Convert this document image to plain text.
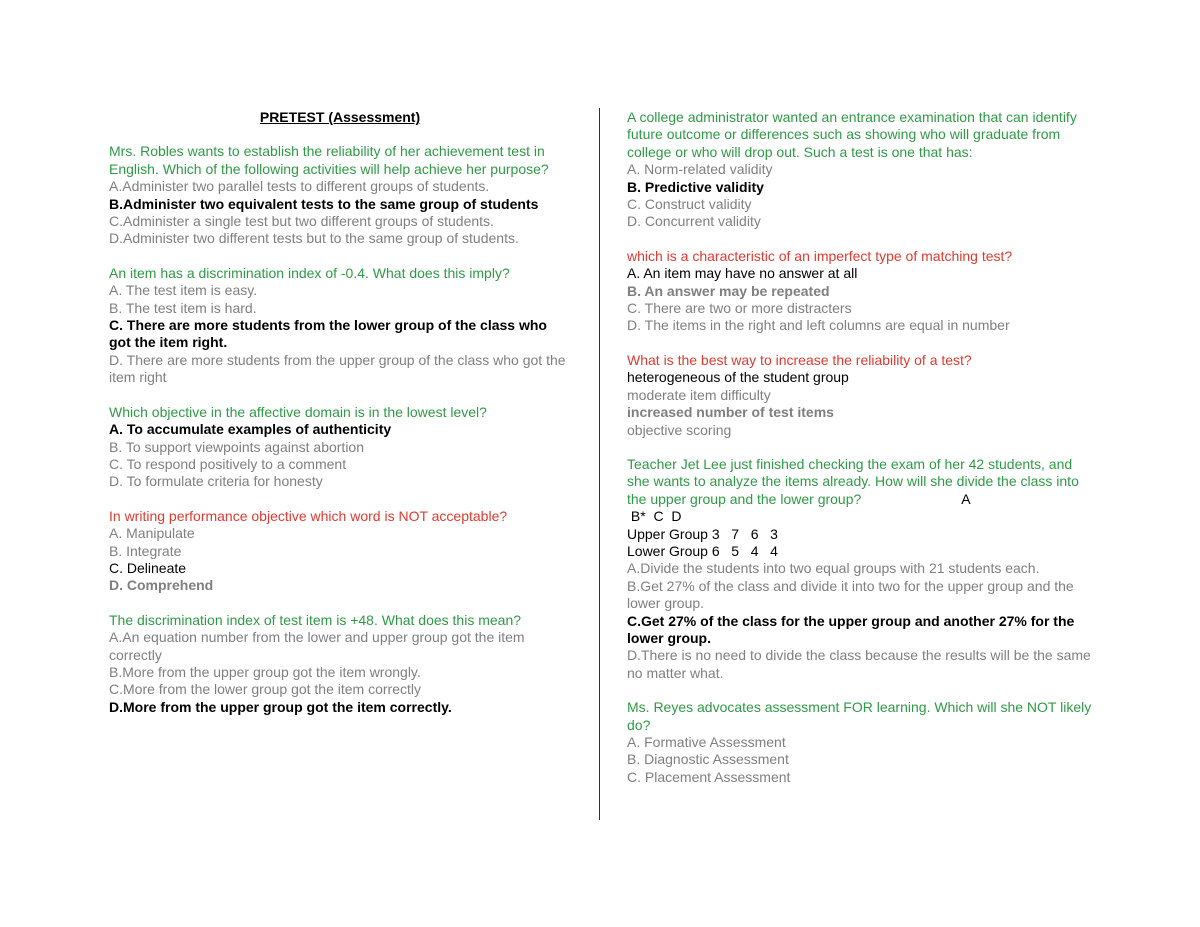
PRETEST (Assessment)
Mrs. Robles wants to establish the reliability of her achievement test in English. Which of the following activities will help achieve her purpose?
A.Administer two parallel tests to different groups of students.
B.Administer two equivalent tests to the same group of students
C.Administer a single test but two different groups of students.
D.Administer two different tests but to the same group of students.
An item has a discrimination index of -0.4. What does this imply?
A. The test item is easy.
B. The test item is hard.
C. There are more students from the lower group of the class who got the item right.
D. There are more students from the upper group of the class who got the item right
Which objective in the affective domain is in the lowest level?
A. To accumulate examples of authenticity
B. To support viewpoints against abortion
C. To respond positively to a comment
D. To formulate criteria for honesty
In writing performance objective which word is NOT acceptable?
A. Manipulate
B. Integrate
C. Delineate
D. Comprehend
The discrimination index of test item is +48. What does this mean?
A.An equation number from the lower and upper group got the item correctly
B.More from the upper group got the item wrongly.
C.More from the lower group got the item correctly
D.More from the upper group got the item correctly.
A college administrator wanted an entrance examination that can identify future outcome or differences such as showing who will graduate from college or who will drop out. Such a test is one that has:
A. Norm-related validity
B. Predictive validity
C. Construct validity
D. Concurrent validity
which is a characteristic of an imperfect type of matching test?
A. An item may have no answer at all
B. An answer may be repeated
C. There are two or more distracters
D. The items in the right and left columns are equal in number
What is the best way to increase the reliability of a test?
heterogeneous of the student group
moderate item difficulty
increased number of test items
objective scoring
Teacher Jet Lee just finished checking the exam of her 42 students, and she wants to analyze the items already. How will she divide the class into the upper group and the lower group?	A
B*  C  D
Upper Group 3   7   6   3
Lower Group 6   5   4   4
A.Divide the students into two equal groups with 21 students each.
B.Get 27% of the class and divide it into two for the upper group and the lower group.
C.Get 27% of the class for the upper group and another 27% for the lower group.
D.There is no need to divide the class because the results will be the same no matter what.
Ms. Reyes advocates assessment FOR learning. Which will she NOT likely do?
A. Formative Assessment
B. Diagnostic Assessment
C. Placement Assessment
